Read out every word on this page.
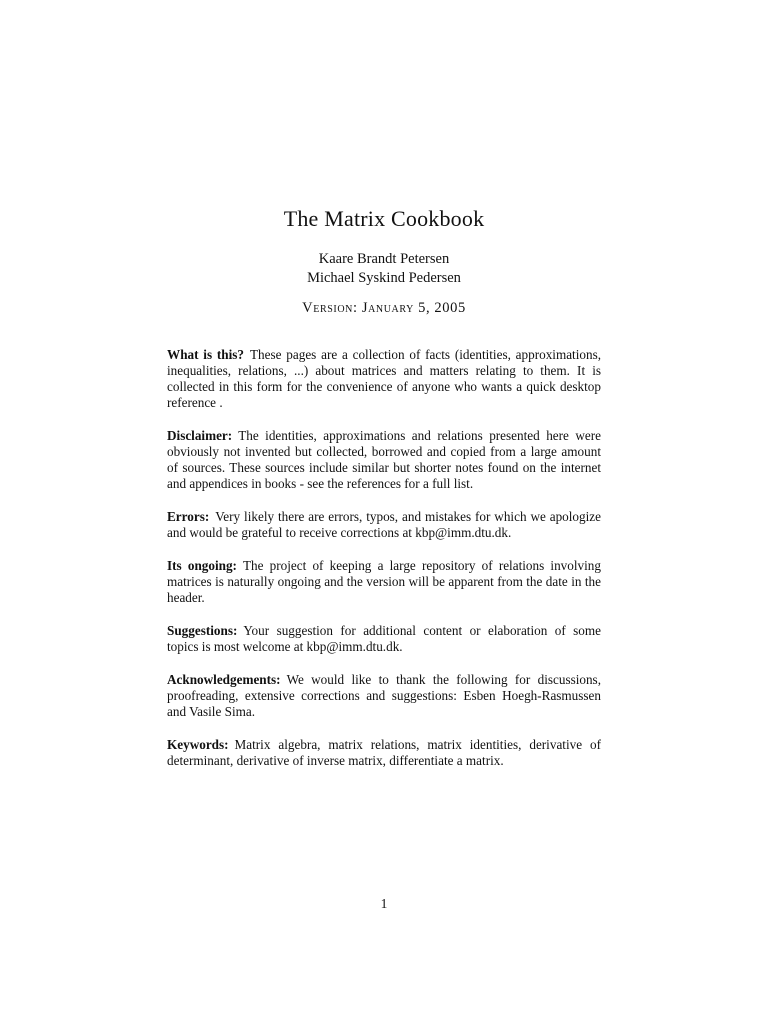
The Matrix Cookbook
Kaare Brandt Petersen
Michael Syskind Pedersen
Version: January 5, 2005

What is this? These pages are a collection of facts (identities, approximations, inequalities, relations, ...) about matrices and matters relating to them. It is collected in this form for the convenience of anyone who wants a quick desktop reference .

Disclaimer: The identities, approximations and relations presented here were obviously not invented but collected, borrowed and copied from a large amount of sources. These sources include similar but shorter notes found on the internet and appendices in books - see the references for a full list.

Errors: Very likely there are errors, typos, and mistakes for which we apologize and would be grateful to receive corrections at kbp@imm.dtu.dk.

Its ongoing: The project of keeping a large repository of relations involving matrices is naturally ongoing and the version will be apparent from the date in the header.

Suggestions: Your suggestion for additional content or elaboration of some topics is most welcome at kbp@imm.dtu.dk.

Acknowledgements: We would like to thank the following for discussions, proofreading, extensive corrections and suggestions: Esben Hoegh-Rasmussen and Vasile Sima.

Keywords: Matrix algebra, matrix relations, matrix identities, derivative of determinant, derivative of inverse matrix, differentiate a matrix.

1
